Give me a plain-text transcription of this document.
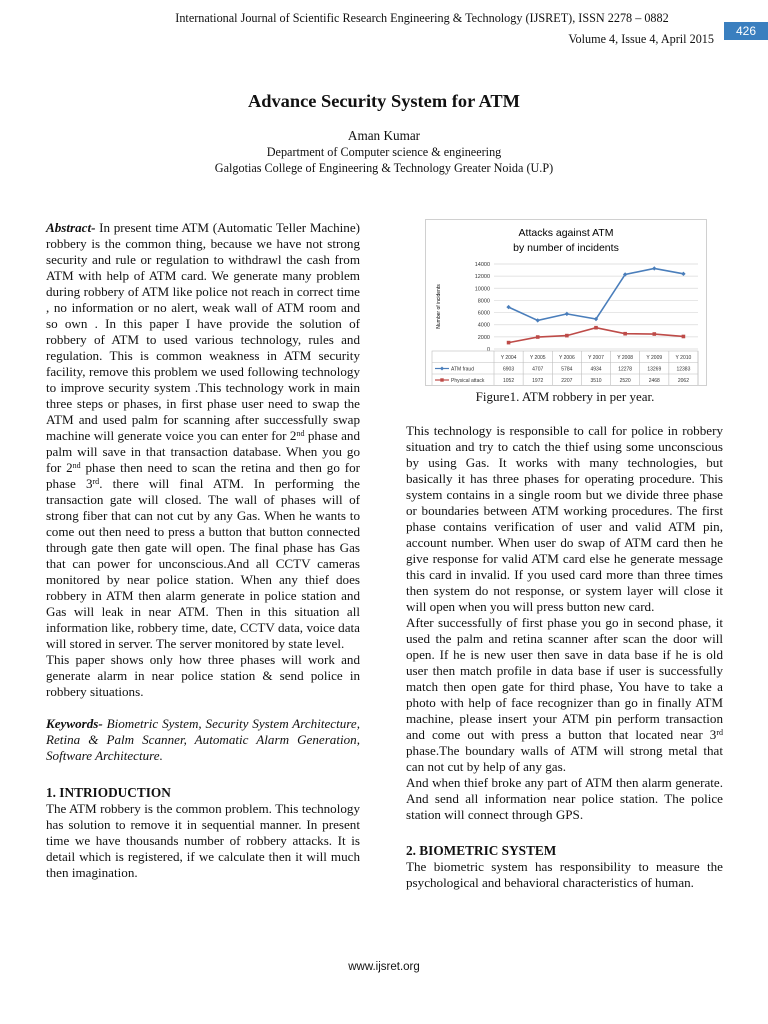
International Journal of Scientific Research Engineering & Technology (IJSRET), ISSN 2278 – 0882
Volume 4, Issue 4, April 2015
426
Advance Security System for ATM
Aman Kumar
Department of Computer science & engineering
Galgotias College of Engineering & Technology Greater Noida (U.P)

Abstract- In present time ATM (Automatic Teller Machine) robbery is the common thing, because we have not strong security and rule or regulation to withdrawl the cash from ATM with help of ATM card. We generate many problem during robbery of ATM like police not reach in correct time , no information or no alert, weak wall of ATM room and so own . In this paper I have provide the solution of robbery of ATM to used various technology, rules and regulation. This is common weakness in ATM security facility, remove this problem we used following technology to improve security system .This technology work in main three steps or phases, in first phase user need to swap the ATM and used palm for scanning after successfully swap machine will generate voice you can enter for 2nd phase and palm will save in that transaction database. When you go for 2nd phase then need to scan the retina and then go for phase 3rd. there will final ATM. In performing the transaction gate will closed. The wall of phases will of strong fiber that can not cut by any Gas. When he wants to come out then need to press a button that button connected through gate then gate will open. The final phase has Gas that can power for unconscious.And all CCTV cameras monitored by near police station. When any thief does robbery in ATM then alarm generate in police station and Gas will leak in near ATM. Then in this situation all information like, robbery time, date, CCTV data, voice data will stored in server. The server monitored by state level.

This paper shows only how three phases will work and generate alarm in near police station & send police in robbery situations.

Keywords- Biometric System, Security System Architecture, Retina & Palm Scanner, Automatic Alarm Generation, Software Architecture.

1. INTRIODUCTION

The ATM robbery is the common problem. This technology has solution to remove it in sequential manner. In present time we have thousands number of robbery attacks. It is detail which is registered, if we calculate then it will much then imagination.

Attacks against ATM
by number of incidents
Number of incidents
0
2000
4000
6000
8000
10000
12000
14000
Y 2004	Y 2005	Y 2006	Y 2007	Y 2008	Y 2009	Y 2010
6903	4707	5784	4934	12278	13269	12383
ATM fraud
1052	1972	2207	3510	2520	2468	2062
Physical attack
Figure1. ATM robbery in per year.

This technology is responsible to call for police in robbery situation and try to catch the thief using some unconscious by using Gas. It works with many technologies, but basically it has three phases for operating procedure. This system contains in a single room but we divide three phase or boundaries between ATM working procedures. The first phase contains verification of user and valid ATM pin, account number. When user do swap of ATM card then he give response for valid ATM card else he generate message this card in invalid. If you used card more than three times then system do not response, or system layer will close it will open when you will press button new card.

After successfully of first phase you go in second phase, it used the palm and retina scanner after scan the door will open. If he is new user then save in data base if he is old user then match profile in data base if user is successfully match then open gate for third phase, You have to take a photo with help of face recognizer than go in finally ATM machine, please insert your ATM pin perform transaction and come out with press a button that located near 3rd phase.The boundary walls of ATM will strong metal that can not cut by help of any gas.

And when thief broke any part of ATM then alarm generate. And send all information near police station. The police station will connect through GPS.

2. BIOMETRIC SYSTEM

The biometric system has responsibility to measure the psychological and behavioral characteristics of human.

www.ijsret.org
